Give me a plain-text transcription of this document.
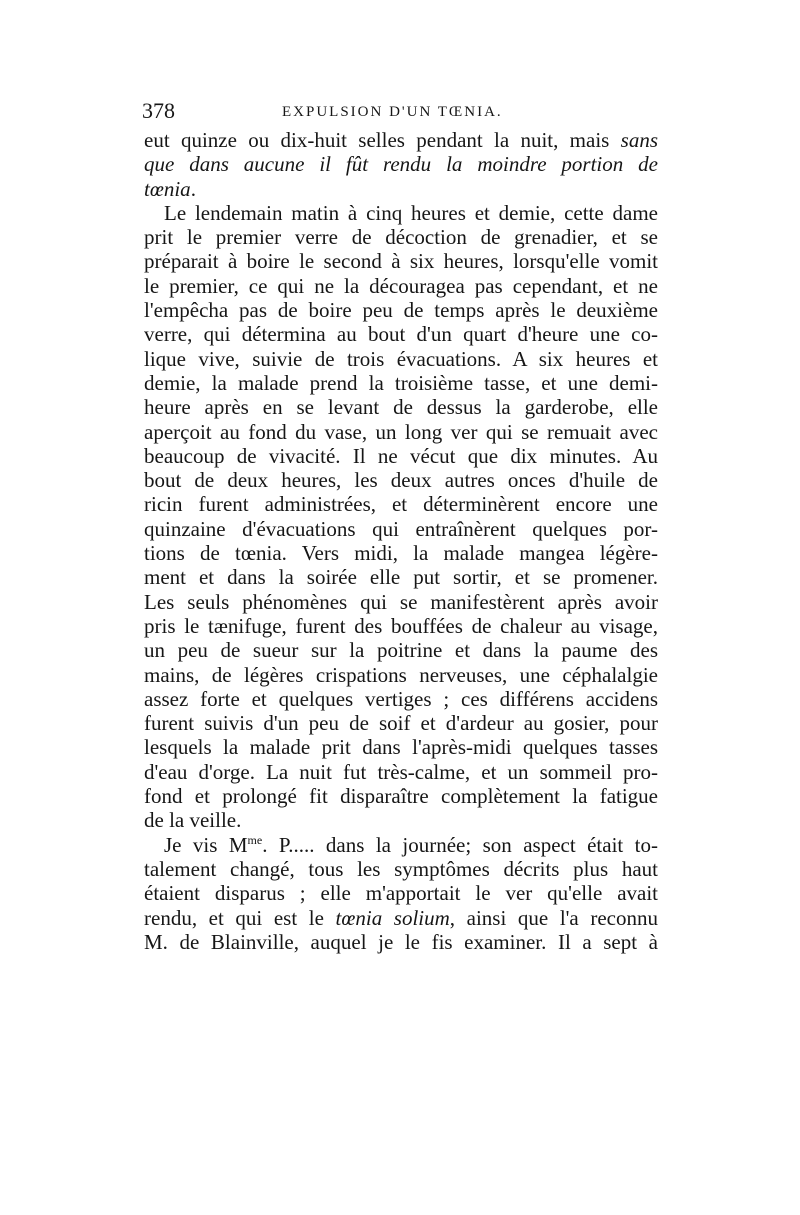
378	EXPULSION D'UN TŒNIA.
eut quinze ou dix-huit selles pendant la nuit, mais sans
que dans aucune il fût rendu la moindre portion de
tœnia.
Le lendemain matin à cinq heures et demie, cette dame
prit le premier verre de décoction de grenadier, et se
préparait à boire le second à six heures, lorsqu'elle vomit
le premier, ce qui ne la découragea pas cependant, et ne
l'empêcha pas de boire peu de temps après le deuxième
verre, qui détermina au bout d'un quart d'heure une co-
lique vive, suivie de trois évacuations. A six heures et
demie, la malade prend la troisième tasse, et une demi-
heure après en se levant de dessus la garderobe, elle
aperçoit au fond du vase, un long ver qui se remuait avec
beaucoup de vivacité. Il ne vécut que dix minutes. Au
bout de deux heures, les deux autres onces d'huile de
ricin furent administrées, et déterminèrent encore une
quinzaine d'évacuations qui entraînèrent quelques por-
tions de tœnia. Vers midi, la malade mangea légère-
ment et dans la soirée elle put sortir, et se promener.
Les seuls phénomènes qui se manifestèrent après avoir
pris le tænifuge, furent des bouffées de chaleur au visage,
un peu de sueur sur la poitrine et dans la paume des
mains, de légères crispations nerveuses, une céphalalgie
assez forte et quelques vertiges ; ces différens accidens
furent suivis d'un peu de soif et d'ardeur au gosier, pour
lesquels la malade prit dans l'après-midi quelques tasses
d'eau d'orge. La nuit fut très-calme, et un sommeil pro-
fond et prolongé fit disparaître complètement la fatigue
de la veille.
Je vis $M^{me}$. P..... dans la journée; son aspect était to-
talement changé, tous les symptômes décrits plus haut
étaient disparus ; elle m'apportait le ver qu'elle avait
rendu, et qui est le tœnia solium, ainsi que l'a reconnu
M. de Blainville, auquel je le fis examiner. Il a sept à
